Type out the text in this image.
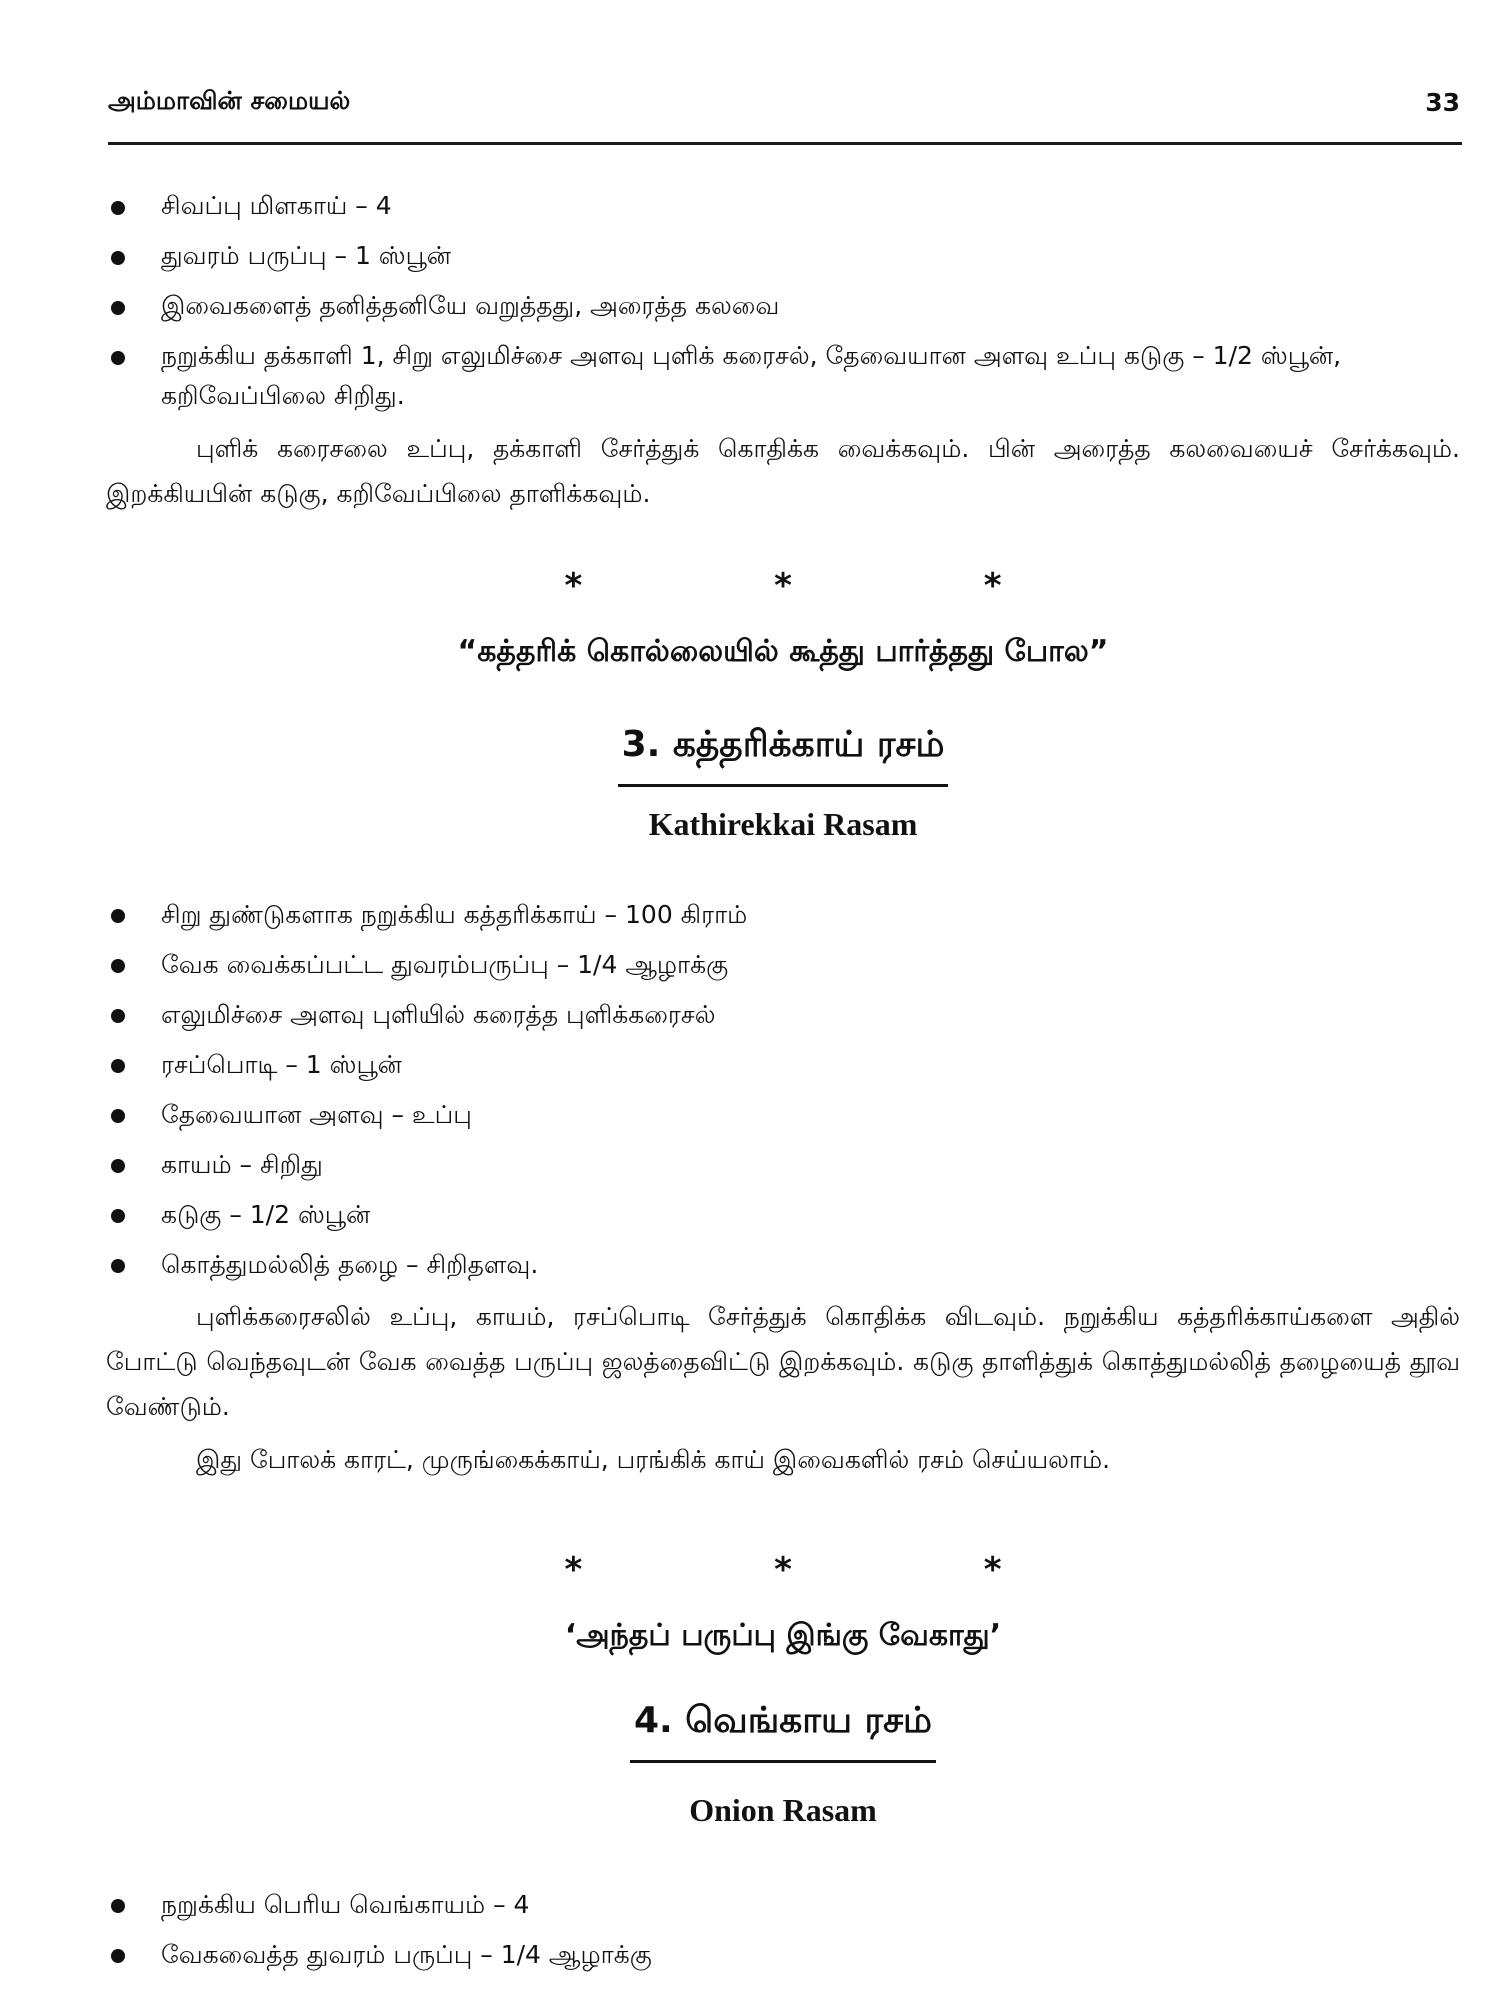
அம்மாவின் சமையல்	33
சிவப்பு மிளகாய் – 4
துவரம் பருப்பு – 1 ஸ்பூன்
இவைகளைத் தனித்தனியே வறுத்தது, அரைத்த கலவை
நறுக்கிய தக்காளி 1, சிறு எலுமிச்சை அளவு புளிக் கரைசல், தேவையான அளவு உப்பு கடுகு – 1/2 ஸ்பூன், கறிவேப்பிலை சிறிது.

புளிக் கரைசலை உப்பு, தக்காளி சேர்த்துக் கொதிக்க வைக்கவும். பின் அரைத்த கலவையைச் சேர்க்கவும். இறக்கியபின் கடுகு, கறிவேப்பிலை தாளிக்கவும்.

* * *
“கத்தரிக் கொல்லையில் கூத்து பார்த்தது போல”
3. கத்தரிக்காய் ரசம்
Kathirekkai Rasam
சிறு துண்டுகளாக நறுக்கிய கத்தரிக்காய் – 100 கிராம்
வேக வைக்கப்பட்ட துவரம்பருப்பு – 1/4 ஆழாக்கு
எலுமிச்சை அளவு புளியில் கரைத்த புளிக்கரைசல்
ரசப்பொடி – 1 ஸ்பூன்
தேவையான அளவு – உப்பு
காயம் – சிறிது
கடுகு – 1/2 ஸ்பூன்
கொத்துமல்லித் தழை – சிறிதளவு.

புளிக்கரைசலில் உப்பு, காயம், ரசப்பொடி சேர்த்துக் கொதிக்க விடவும். நறுக்கிய கத்தரிக்காய்களை அதில் போட்டு வெந்தவுடன் வேக வைத்த பருப்பு ஜலத்தைவிட்டு இறக்கவும். கடுகு தாளித்துக் கொத்துமல்லித் தழையைத் தூவ வேண்டும்.

இது போலக் காரட், முருங்கைக்காய், பரங்கிக் காய் இவைகளில் ரசம் செய்யலாம்.

* * *
‘அந்தப் பருப்பு இங்கு வேகாது’
4. வெங்காய ரசம்
Onion Rasam
நறுக்கிய பெரிய வெங்காயம் – 4
வேகவைத்த துவரம் பருப்பு – 1/4 ஆழாக்கு
